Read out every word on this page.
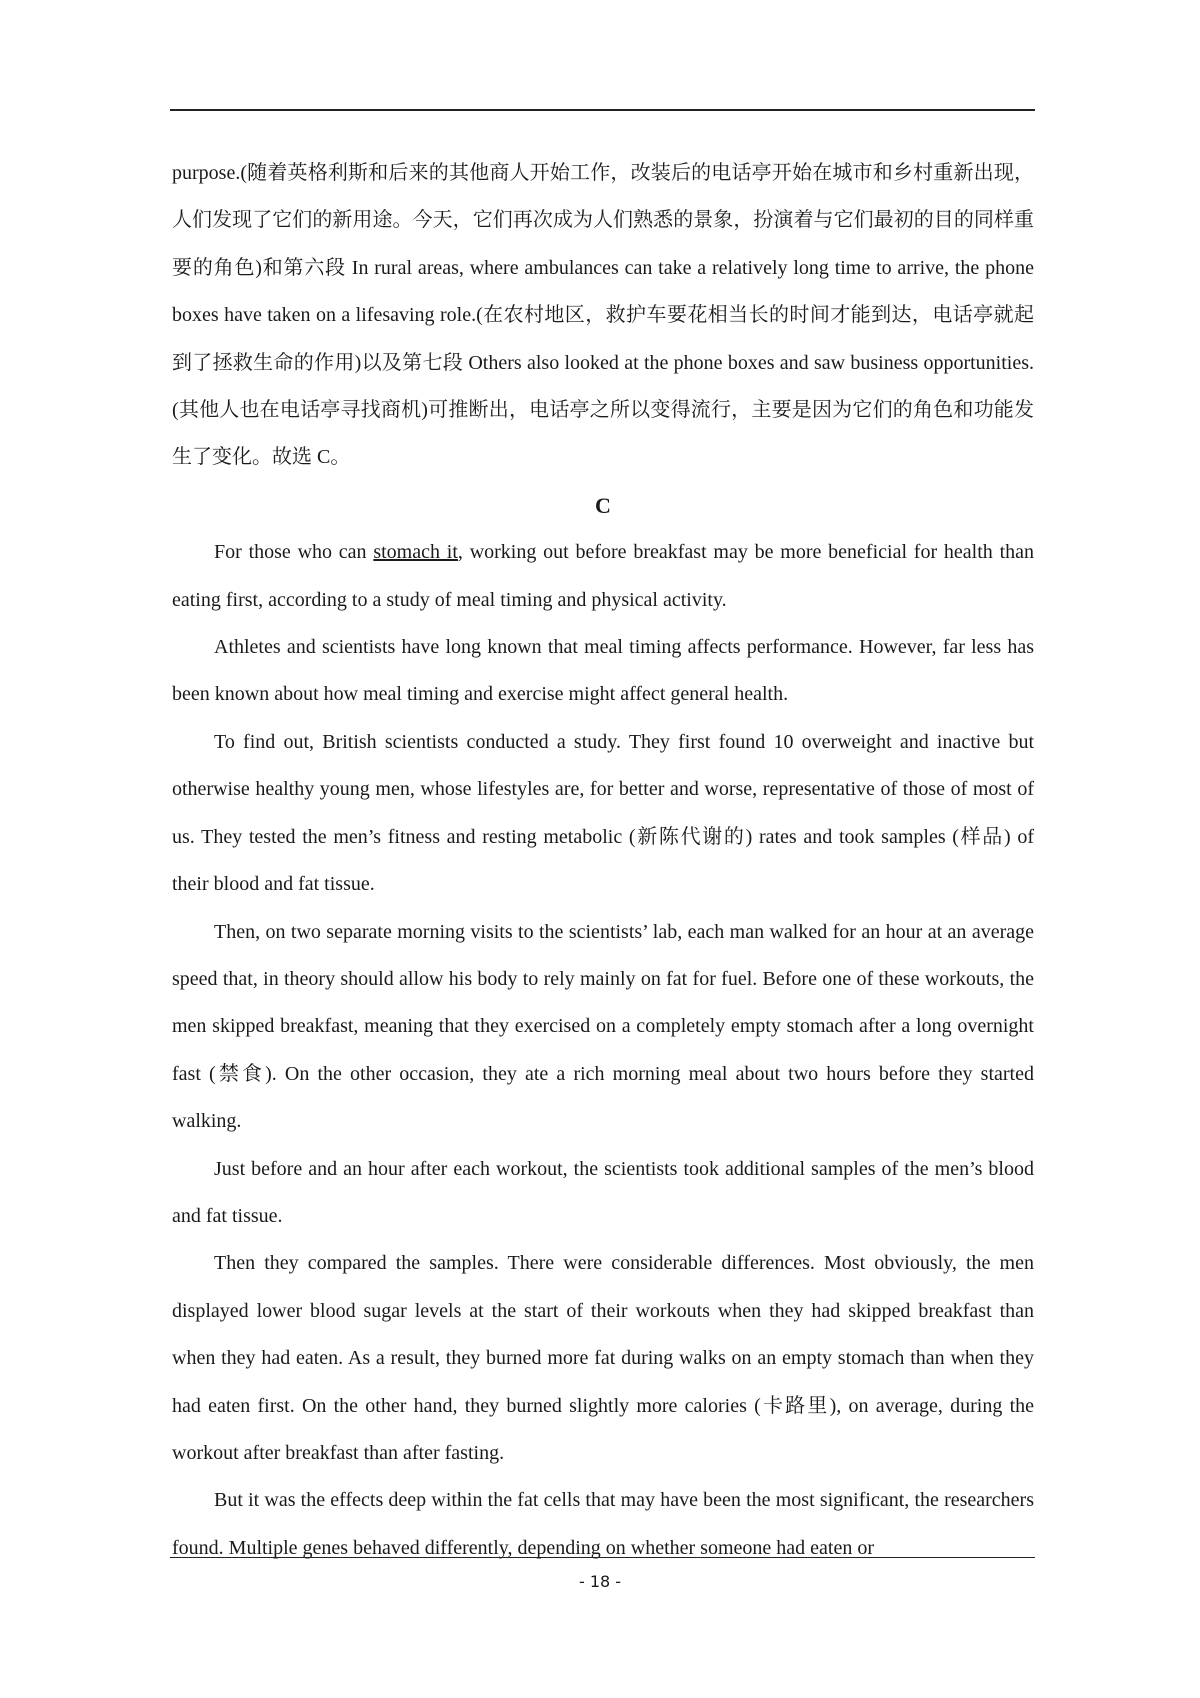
purpose.(随着英格利斯和后来的其他商人开始工作，改装后的电话亭开始在城市和乡村重新出现，人们发现了它们的新用途。今天，它们再次成为人们熟悉的景象，扮演着与它们最初的目的同样重要的角色)和第六段 In rural areas, where ambulances can take a relatively long time to arrive, the phone boxes have taken on a lifesaving role.(在农村地区，救护车要花相当长的时间才能到达，电话亭就起到了拯救生命的作用)以及第七段 Others also looked at the phone boxes and saw business opportunities.(其他人也在电话亭寻找商机)可推断出，电话亭之所以变得流行，主要是因为它们的角色和功能发生了变化。故选 C。

C

For those who can stomach it, working out before breakfast may be more beneficial for health than eating first, according to a study of meal timing and physical activity.

Athletes and scientists have long known that meal timing affects performance. However, far less has been known about how meal timing and exercise might affect general health.

To find out, British scientists conducted a study. They first found 10 overweight and inactive but otherwise healthy young men, whose lifestyles are, for better and worse, representative of those of most of us. They tested the men’s fitness and resting metabolic (新陈代谢的) rates and took samples (样品) of their blood and fat tissue.

Then, on two separate morning visits to the scientists’ lab, each man walked for an hour at an average speed that, in theory should allow his body to rely mainly on fat for fuel. Before one of these workouts, the men skipped breakfast, meaning that they exercised on a completely empty stomach after a long overnight fast (禁食). On the other occasion, they ate a rich morning meal about two hours before they started walking.

Just before and an hour after each workout, the scientists took additional samples of the men’s blood and fat tissue.

Then they compared the samples. There were considerable differences. Most obviously, the men displayed lower blood sugar levels at the start of their workouts when they had skipped breakfast than when they had eaten. As a result, they burned more fat during walks on an empty stomach than when they had eaten first. On the other hand, they burned slightly more calories (卡路里), on average, during the workout after breakfast than after fasting.

But it was the effects deep within the fat cells that may have been the most significant, the researchers found. Multiple genes behaved differently, depending on whether someone had eaten or

- 18 -
